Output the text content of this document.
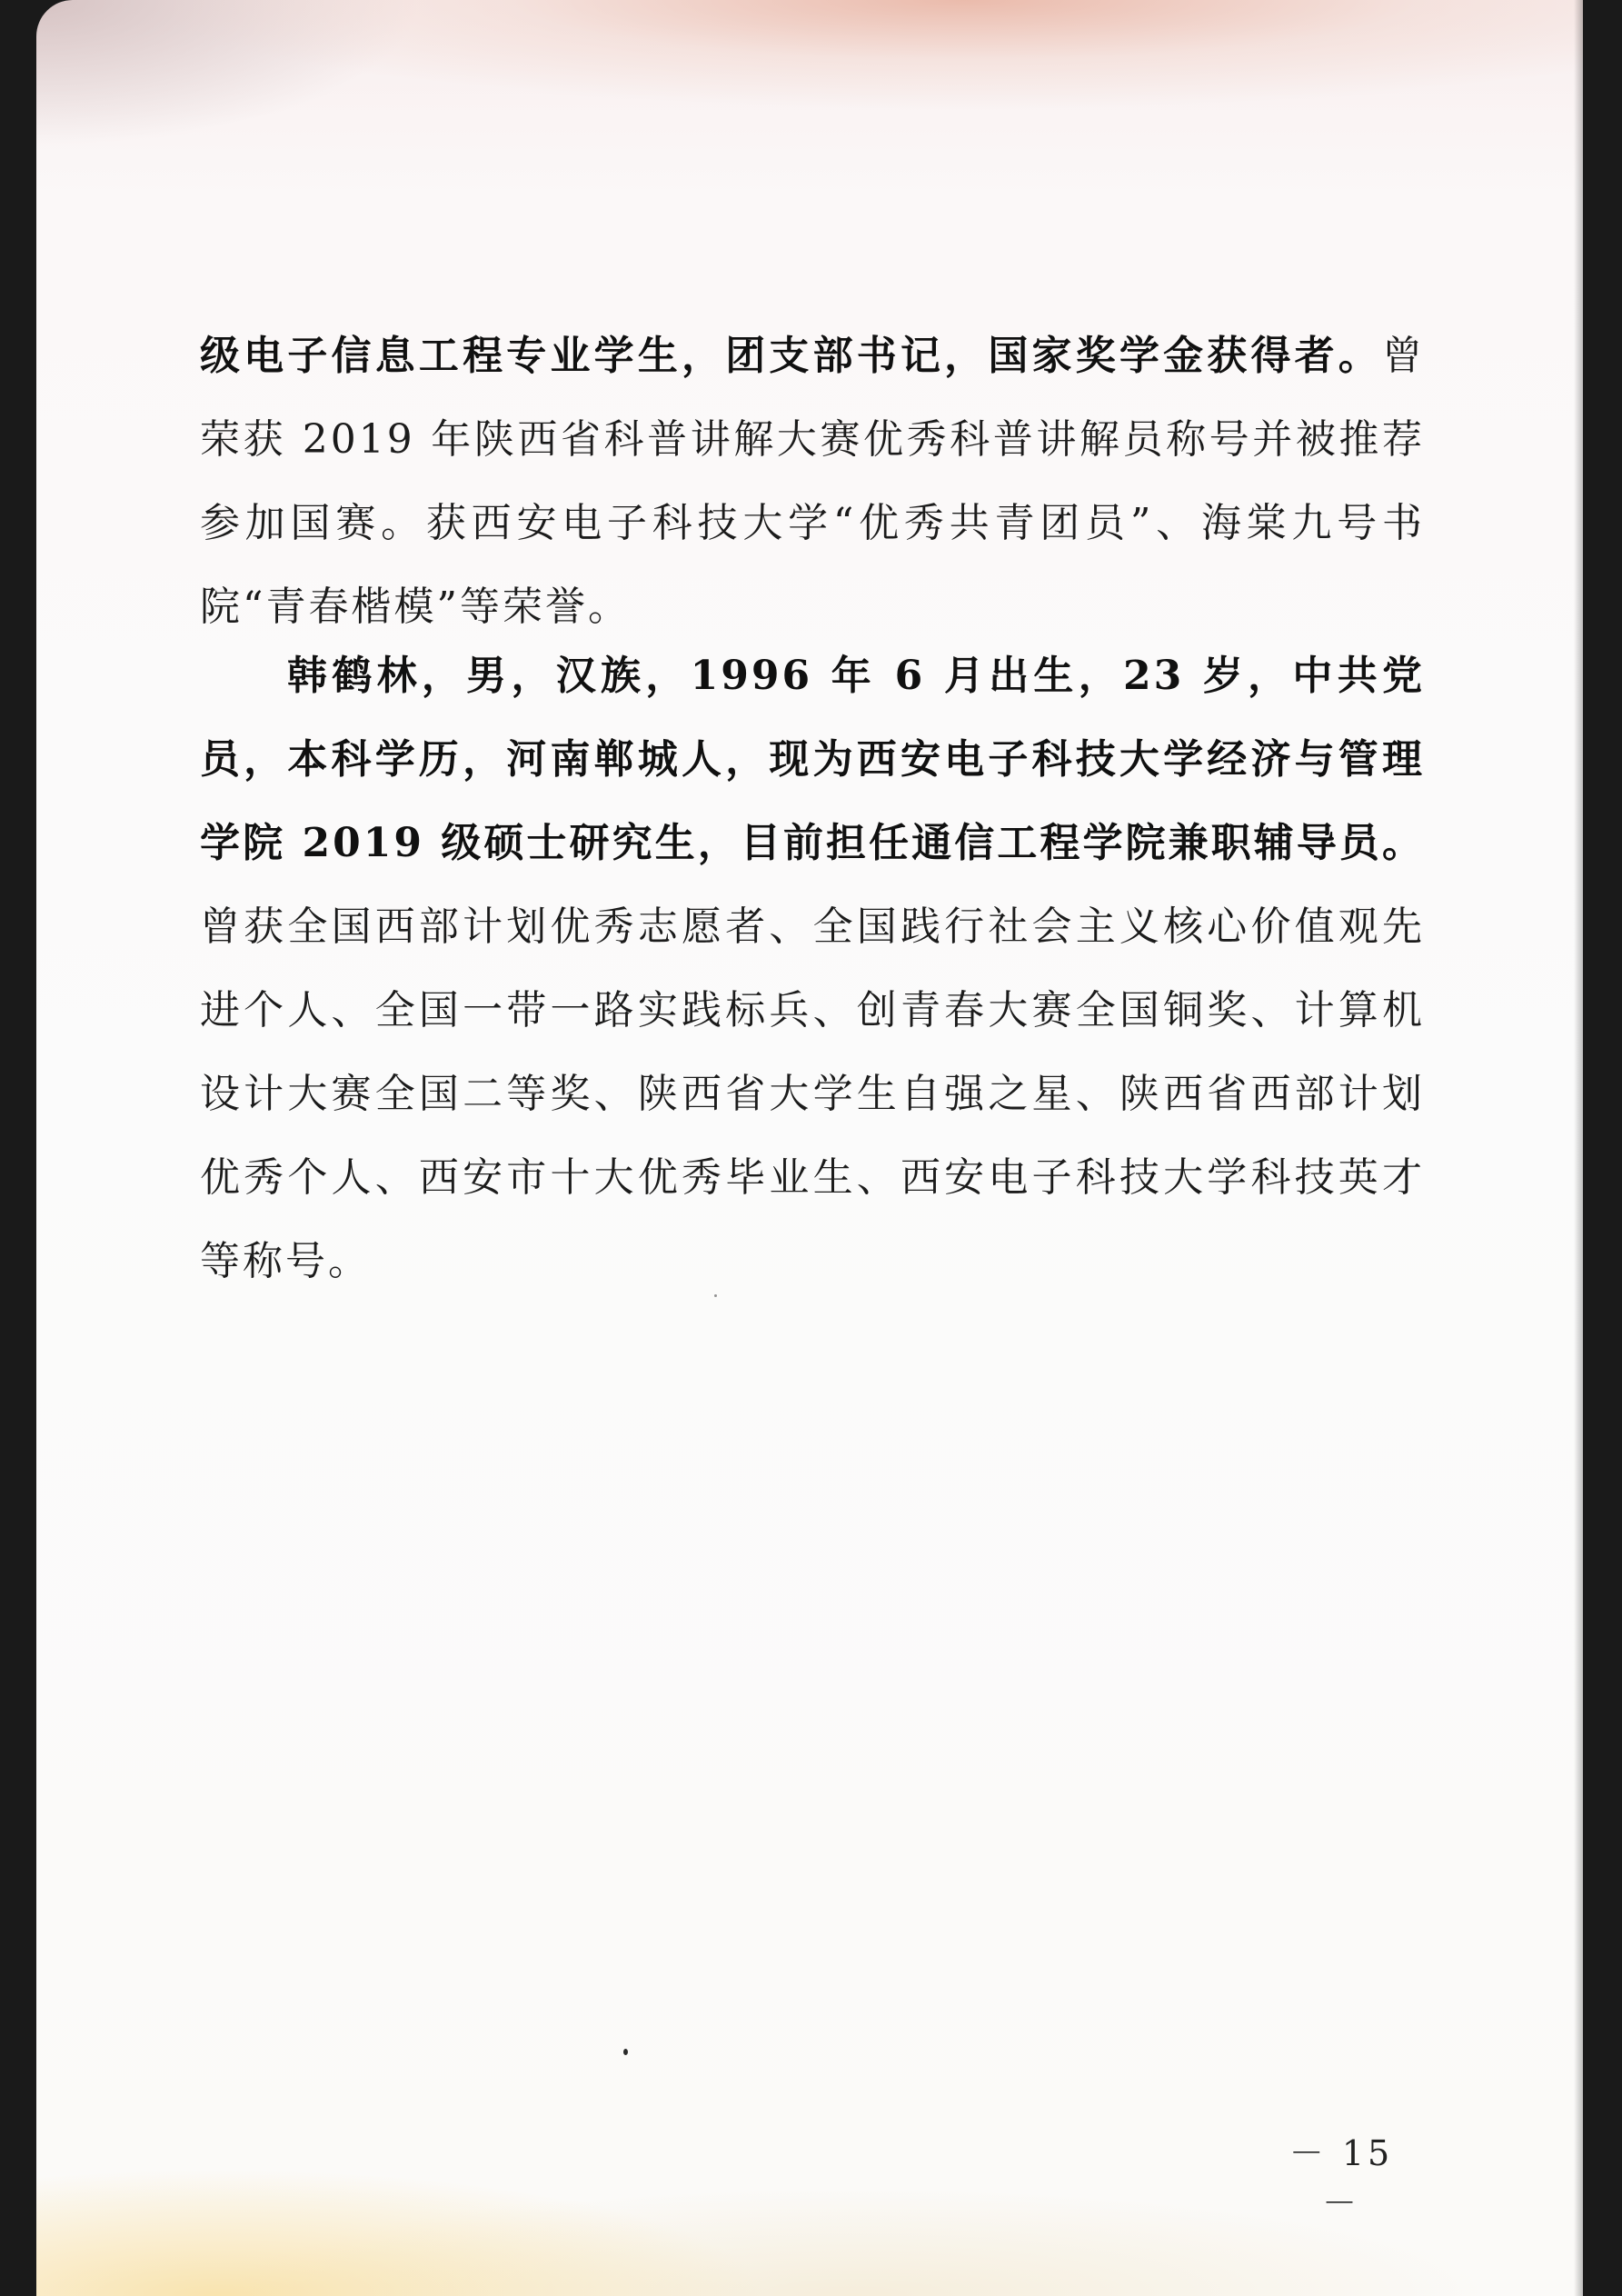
级电子信息工程专业学生，团支部书记，国家奖学金获得者。曾荣获 2019 年陕西省科普讲解大赛优秀科普讲解员称号并被推荐参加国赛。获西安电子科技大学“优秀共青团员”、海棠九号书院“青春楷模”等荣誉。

韩鹤林，男，汉族，1996 年 6 月出生，23 岁，中共党员，本科学历，河南郸城人，现为西安电子科技大学经济与管理学院 2019 级硕士研究生，目前担任通信工程学院兼职辅导员。曾获全国西部计划优秀志愿者、全国践行社会主义核心价值观先进个人、全国一带一路实践标兵、创青春大赛全国铜奖、计算机设计大赛全国二等奖、陕西省大学生自强之星、陕西省西部计划优秀个人、西安市十大优秀毕业生、西安电子科技大学科技英才等称号。

－ 15 －
